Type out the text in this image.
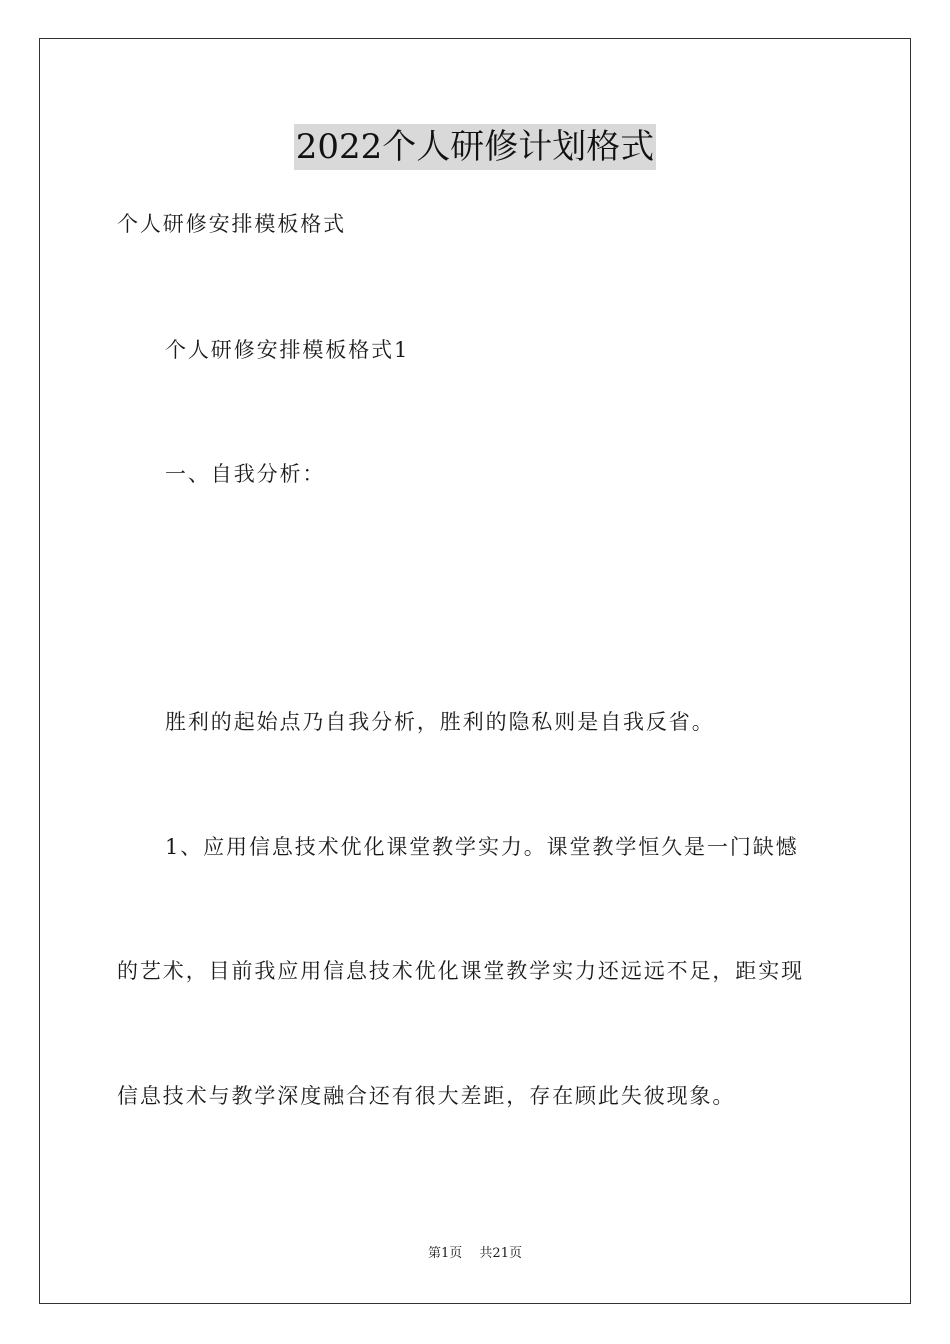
2022个人研修计划格式
个人研修安排模板格式
个人研修安排模板格式1
一、自我分析：
胜利的起始点乃自我分析，胜利的隐私则是自我反省。
1、应用信息技术优化课堂教学实力。课堂教学恒久是一门缺憾
的艺术，目前我应用信息技术优化课堂教学实力还远远不足，距实现
信息技术与教学深度融合还有很大差距，存在顾此失彼现象。
第1页　 共21页
